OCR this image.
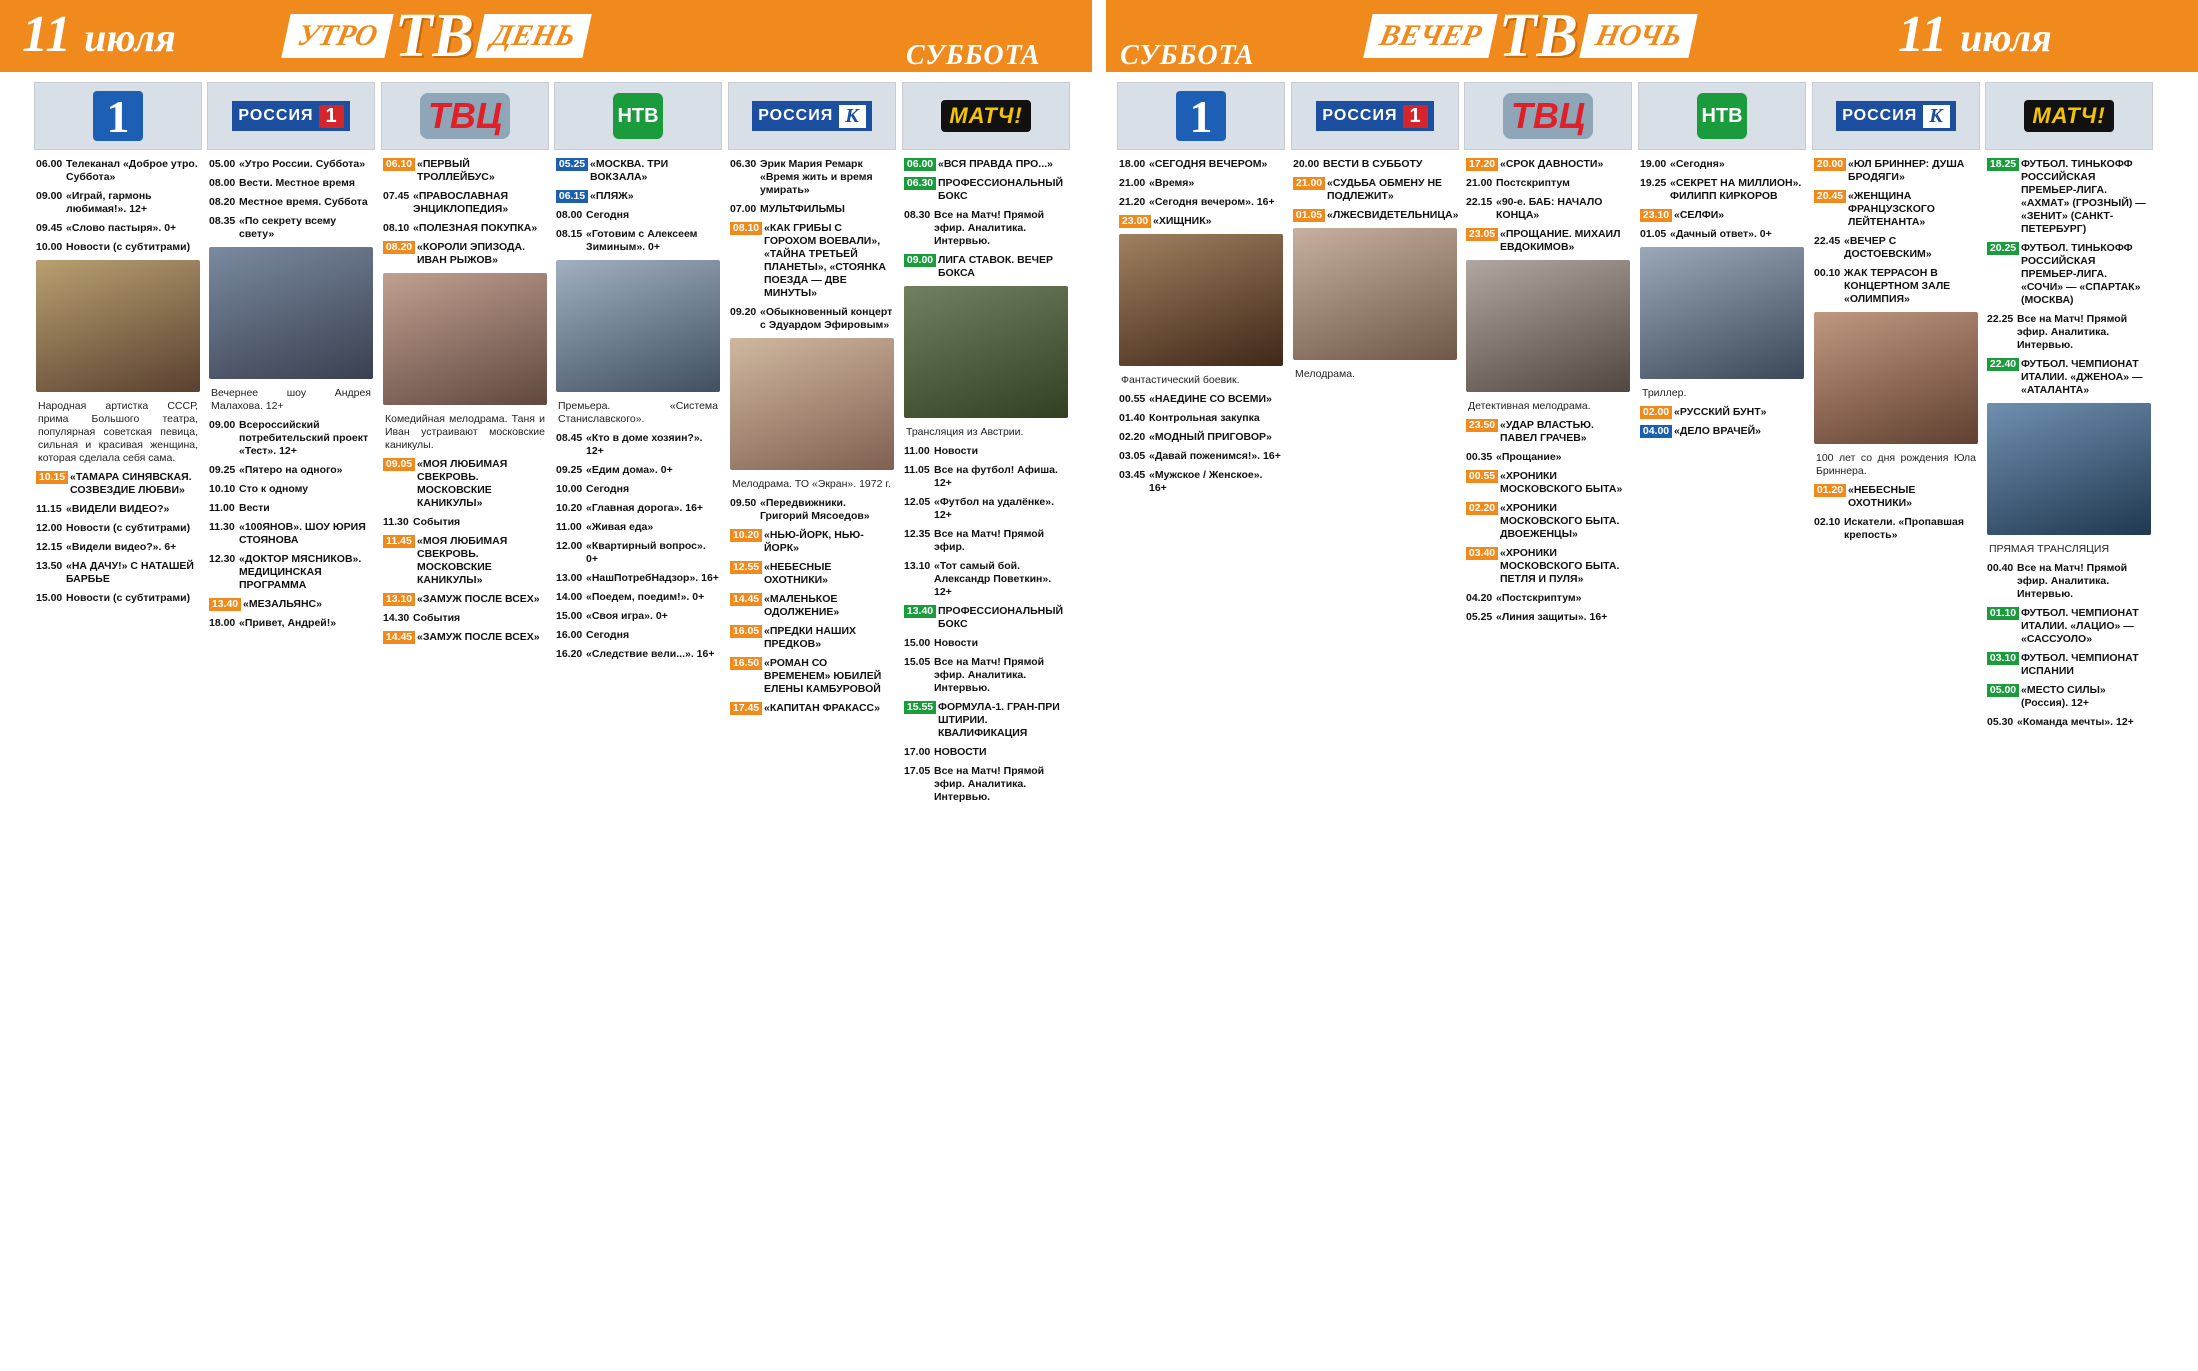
11 июля	УТРО ТВ ДЕНЬ
СУББОТА	СУББОТА
ВЕЧЕР ТВ НОЧЬ	11 июля
1
06.00 Телеканал «Доброе утро. Суббота»
09.00 «Играй, гармонь любимая!». 12+
09.45 «Слово пастыря». 0+
10.00 Новости (с субтитрами)
Народная артистка СССР, прима Большого театра, популярная советская певица, сильная и красивая женщина, которая сделала себя сама.
10.15 «ТАМАРА СИНЯВСКАЯ. СОЗВЕЗДИЕ ЛЮБВИ»
11.15 «ВИДЕЛИ ВИДЕО?»
12.00 Новости (с субтитрами)
12.15 «Видели видео?». 6+
13.50 «НА ДАЧУ!» С НАТАШЕЙ БАРБЬЕ
15.00 Новости (с субтитрами)
РОССИЯ 1
05.00 «Утро России. Суббота»
08.00 Вести. Местное время
08.20 Местное время. Суббота
08.35 «По секрету всему свету»
Вечернее шоу Андрея Малахова. 12+
09.00 Всероссийский потребительский проект «Тест». 12+
09.25 «Пятеро на одного»
10.10 Сто к одному
11.00 Вести
11.30 «100ЯНОВ». ШОУ ЮРИЯ СТОЯНОВА
12.30 «ДОКТОР МЯСНИКОВ». МЕДИЦИНСКАЯ ПРОГРАММА
13.40 «МЕЗАЛЬЯНС»
18.00 «Привет, Андрей!»
ТВЦ
06.10 «ПЕРВЫЙ ТРОЛЛЕЙБУС»
07.45 «ПРАВОСЛАВНАЯ ЭНЦИКЛОПЕДИЯ»
08.10 «ПОЛЕЗНАЯ ПОКУПКА»
08.20 «КОРОЛИ ЭПИЗОДА. ИВАН РЫЖОВ»
Комедийная мелодрама. Таня и Иван устраивают московские каникулы.
09.05 «МОЯ ЛЮБИМАЯ СВЕКРОВЬ. МОСКОВСКИЕ КАНИКУЛЫ»
11.30 События
11.45 «МОЯ ЛЮБИМАЯ СВЕКРОВЬ. МОСКОВСКИЕ КАНИКУЛЫ»
13.10 «ЗАМУЖ ПОСЛЕ ВСЕХ»
14.30 События
14.45 «ЗАМУЖ ПОСЛЕ ВСЕХ»
НТВ
05.25 «МОСКВА. ТРИ ВОКЗАЛА»
06.15 «ПЛЯЖ»
08.00 Сегодня
08.15 «Готовим с Алексеем Зиминым». 0+
Премьера. «Система Станиславского».
08.45 «Кто в доме хозяин?». 12+
09.25 «Едим дома». 0+
10.00 Сегодня
10.20 «Главная дорога». 16+
11.00 «Живая еда»
12.00 «Квартирный вопрос». 0+
13.00 «НашПотребНадзор». 16+
14.00 «Поедем, поедим!». 0+
15.00 «Своя игра». 0+
16.00 Сегодня
16.20 «Следствие вели...». 16+
РОССИЯ К
06.30 Эрик Мария Ремарк «Время жить и время умирать»
07.00 МУЛЬТФИЛЬМЫ
08.10 «КАК ГРИБЫ С ГОРОХОМ ВОЕВАЛИ», «ТАЙНА ТРЕТЬЕЙ ПЛАНЕТЫ», «СТОЯНКА ПОЕЗДА — ДВЕ МИНУТЫ»
09.20 «Обыкновенный концерт с Эдуардом Эфировым»
Мелодрама. ТО «Экран». 1972 г.
09.50 «Передвижники. Григорий Мясоедов»
10.20 «НЬЮ-ЙОРК, НЬЮ-ЙОРК»
12.55 «НЕБЕСНЫЕ ОХОТНИКИ»
14.45 «МАЛЕНЬКОЕ ОДОЛЖЕНИЕ»
16.05 «ПРЕДКИ НАШИХ ПРЕДКОВ»
16.50 «РОМАН СО ВРЕМЕНЕМ» ЮБИЛЕЙ ЕЛЕНЫ КАМБУРОВОЙ
17.45 «КАПИТАН ФРАКАСС»
МАТЧ!
06.00 «ВСЯ ПРАВДА ПРО...»
06.30 ПРОФЕССИОНАЛЬНЫЙ БОКС
08.30 Все на Матч! Прямой эфир. Аналитика. Интервью.
09.00 ЛИГА СТАВОК. ВЕЧЕР БОКСА
Трансляция из Австрии.
11.00 Новости
11.05 Все на футбол! Афиша. 12+
12.05 «Футбол на удалёнке». 12+
12.35 Все на Матч! Прямой эфир.
13.10 «Тот самый бой. Александр Поветкин». 12+
13.40 ПРОФЕССИОНАЛЬНЫЙ БОКС
15.00 Новости
15.05 Все на Матч! Прямой эфир. Аналитика. Интервью.
15.55 ФОРМУЛА-1. ГРАН-ПРИ ШТИРИИ. КВАЛИФИКАЦИЯ
17.00 НОВОСТИ
17.05 Все на Матч! Прямой эфир. Аналитика. Интервью.
1
18.00 «СЕГОДНЯ ВЕЧЕРОМ»
21.00 «Время»
21.20 «Сегодня вечером». 16+
23.00 «ХИЩНИК»
Фантастический боевик.
00.55 «НАЕДИНЕ СО ВСЕМИ»
01.40 Контрольная закупка
02.20 «МОДНЫЙ ПРИГОВОР»
03.05 «Давай поженимся!». 16+
03.45 «Мужское / Женское». 16+
РОССИЯ 1
20.00 ВЕСТИ В СУББОТУ
21.00 «СУДЬБА ОБМЕНУ НЕ ПОДЛЕЖИТ»
01.05 «ЛЖЕСВИДЕТЕЛЬНИЦА»
Мелодрама.
ТВЦ
17.20 «СРОК ДАВНОСТИ»
21.00 Постскриптум
22.15 «90-е. БАБ: НАЧАЛО КОНЦА»
23.05 «ПРОЩАНИЕ. МИХАИЛ ЕВДОКИМОВ»
Детективная мелодрама.
23.50 «УДАР ВЛАСТЬЮ. ПАВЕЛ ГРАЧЕВ»
00.35 «Прощание»
00.55 «ХРОНИКИ МОСКОВСКОГО БЫТА»
02.20 «ХРОНИКИ МОСКОВСКОГО БЫТА. ДВОЕЖЕНЦЫ»
03.40 «ХРОНИКИ МОСКОВСКОГО БЫТА. ПЕТЛЯ И ПУЛЯ»
04.20 «Постскриптум»
05.25 «Линия защиты». 16+
НТВ
19.00 «Сегодня»
19.25 «СЕКРЕТ НА МИЛЛИОН». ФИЛИПП КИРКОРОВ
23.10 «СЕЛФИ»
01.05 «Дачный ответ». 0+
Триллер.
02.00 «РУССКИЙ БУНТ»
04.00 «ДЕЛО ВРАЧЕЙ»
РОССИЯ К
20.00 «ЮЛ БРИННЕР: ДУША БРОДЯГИ»
20.45 «ЖЕНЩИНА ФРАНЦУЗСКОГО ЛЕЙТЕНАНТА»
22.45 «ВЕЧЕР С ДОСТОЕВСКИМ»
00.10 ЖАК ТЕРРАСОН В КОНЦЕРТНОМ ЗАЛЕ «ОЛИМПИЯ»
100 лет со дня рождения Юла Бриннера.
01.20 «НЕБЕСНЫЕ ОХОТНИКИ»
02.10 Искатели. «Пропавшая крепость»
МАТЧ!
18.25 ФУТБОЛ. ТИНЬКОФФ РОССИЙСКАЯ ПРЕМЬЕР-ЛИГА. «АХМАТ» (ГРОЗНЫЙ) — «ЗЕНИТ» (САНКТ-ПЕТЕРБУРГ)
20.25 ФУТБОЛ. ТИНЬКОФФ РОССИЙСКАЯ ПРЕМЬЕР-ЛИГА. «СОЧИ» — «СПАРТАК» (МОСКВА)
22.25 Все на Матч! Прямой эфир. Аналитика. Интервью.
22.40 ФУТБОЛ. ЧЕМПИОНАТ ИТАЛИИ. «ДЖЕНОА» — «АТАЛАНТА»
ПРЯМАЯ ТРАНСЛЯЦИЯ
00.40 Все на Матч! Прямой эфир. Аналитика. Интервью.
01.10 ФУТБОЛ. ЧЕМПИОНАТ ИТАЛИИ. «ЛАЦИО» — «САССУОЛО»
03.10 ФУТБОЛ. ЧЕМПИОНАТ ИСПАНИИ
05.00 «МЕСТО СИЛЫ» (Россия). 12+
05.30 «Команда мечты». 12+
